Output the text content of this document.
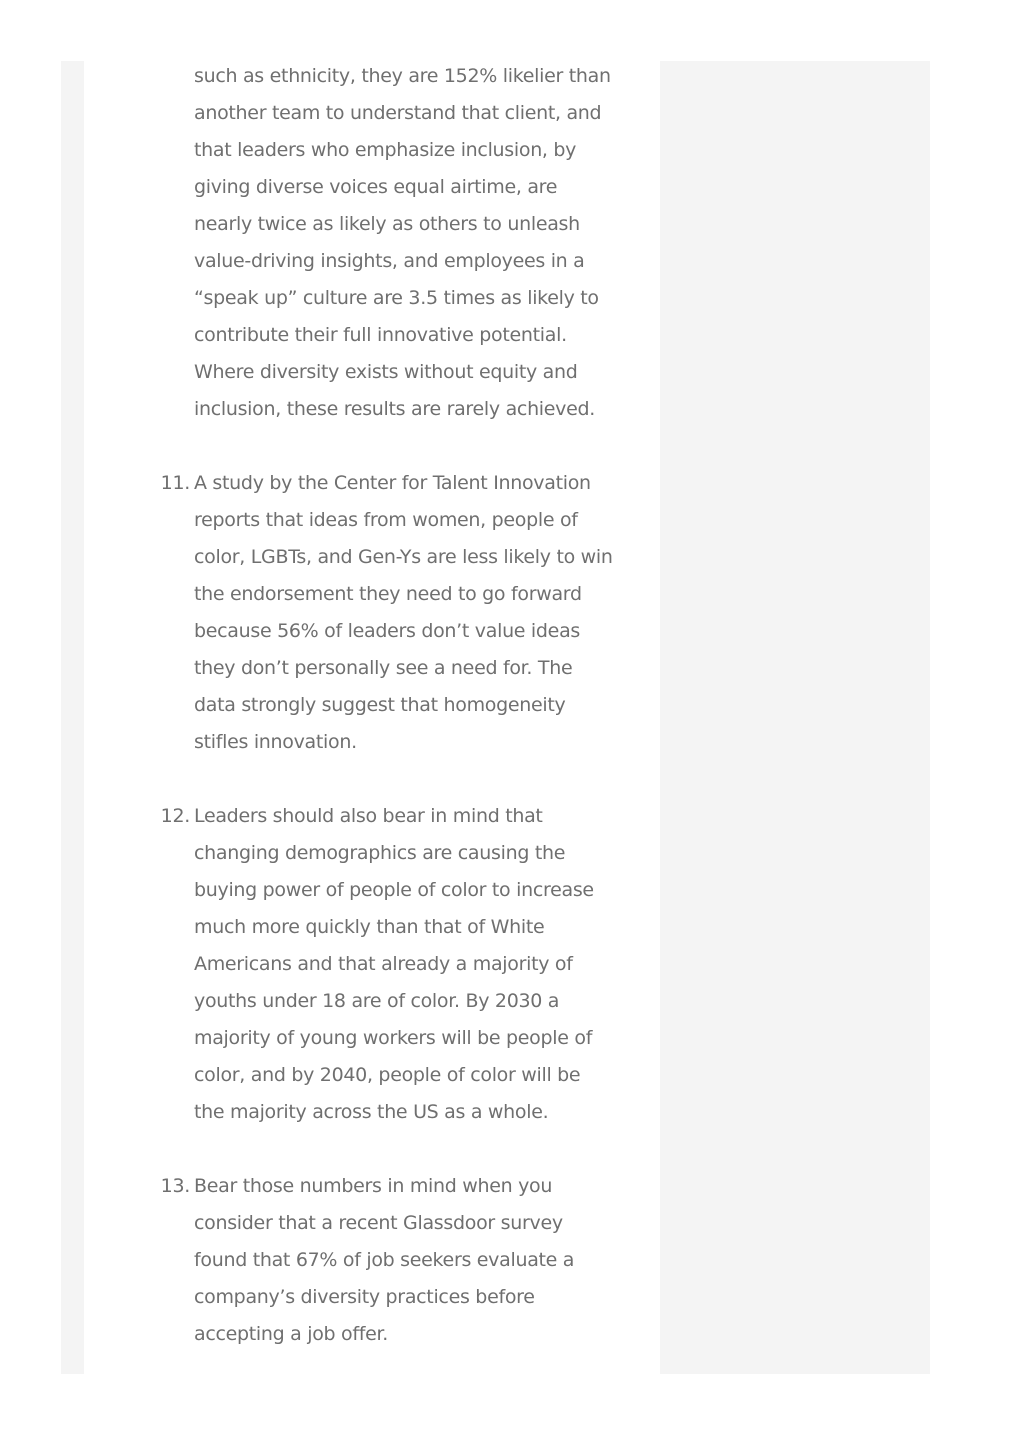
such as ethnicity, they are 152% likelier than
another team to understand that client, and
that leaders who emphasize inclusion, by
giving diverse voices equal airtime, are
nearly twice as likely as others to unleash
value-driving insights, and employees in a
“speak up” culture are 3.5 times as likely to
contribute their full innovative potential.
Where diversity exists without equity and
inclusion, these results are rarely achieved.
11. A study by the Center for Talent Innovation
reports that ideas from women, people of
color, LGBTs, and Gen-Ys are less likely to win
the endorsement they need to go forward
because 56% of leaders don’t value ideas
they don’t personally see a need for. The
data strongly suggest that homogeneity
stifles innovation.
12. Leaders should also bear in mind that
changing demographics are causing the
buying power of people of color to increase
much more quickly than that of White
Americans and that already a majority of
youths under 18 are of color. By 2030 a
majority of young workers will be people of
color, and by 2040, people of color will be
the majority across the US as a whole.
13. Bear those numbers in mind when you
consider that a recent Glassdoor survey
found that 67% of job seekers evaluate a
company’s diversity practices before
accepting a job offer.
